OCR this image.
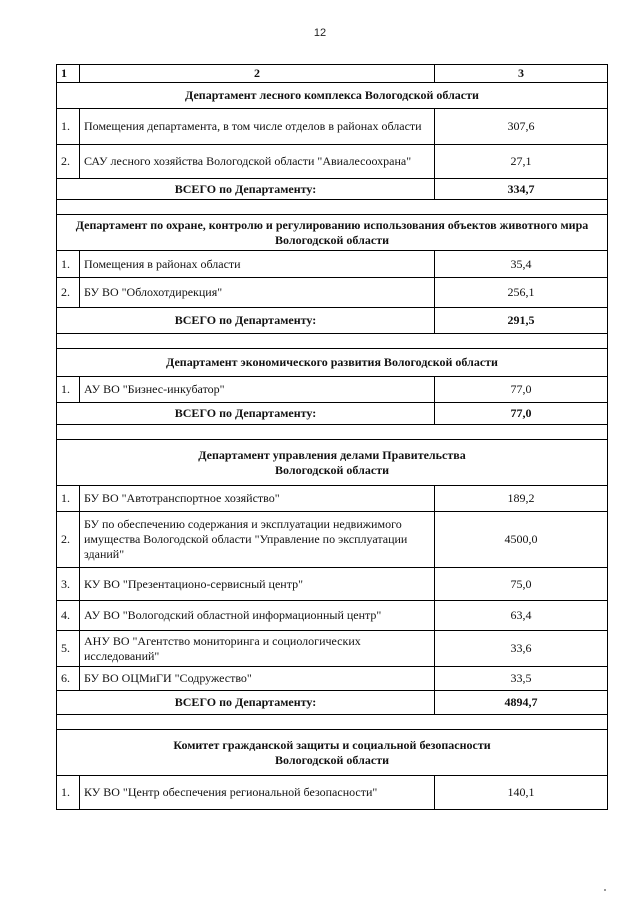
12
1	2	3
Департамент лесного комплекса Вологодской области		
1.	Помещения департамента, в том числе отделов в районах области	307,6
2.	САУ лесного хозяйства Вологодской области "Авиалесоохрана"	27,1
ВСЕГО по Департаменту:		334,7

Департамент по охране, контролю и регулированию использования объектов животного мира Вологодской области		
1.	Помещения в районах области	35,4
2.	БУ ВО "Облохотдирекция"	256,1
ВСЕГО по Департаменту:		291,5

Департамент экономического развития Вологодской области		
1.	АУ ВО "Бизнес-инкубатор"	77,0
ВСЕГО по Департаменту:		77,0

Департамент управления делами Правительства
Вологодской области		

1.	БУ ВО "Автотранспортное хозяйство"	189,2
2.	БУ по обеспечению содержания и эксплуатации недвижимого имущества Вологодской области "Управление по эксплуатации зданий"	4500,0
3.	КУ ВО "Презентационо-сервисный центр"	75,0
4.	АУ ВО "Вологодский областной информационный центр"	63,4
5.	АНУ ВО "Агентство мониторинга и социологических исследований"	33,6
6.	БУ ВО ОЦМиГИ "Содружество"	33,5
ВСЕГО по Департаменту:		4894,7

Комитет гражданской защиты и социальной безопасности
Вологодской области		

1.	КУ ВО "Центр обеспечения региональной безопасности"	140,1
